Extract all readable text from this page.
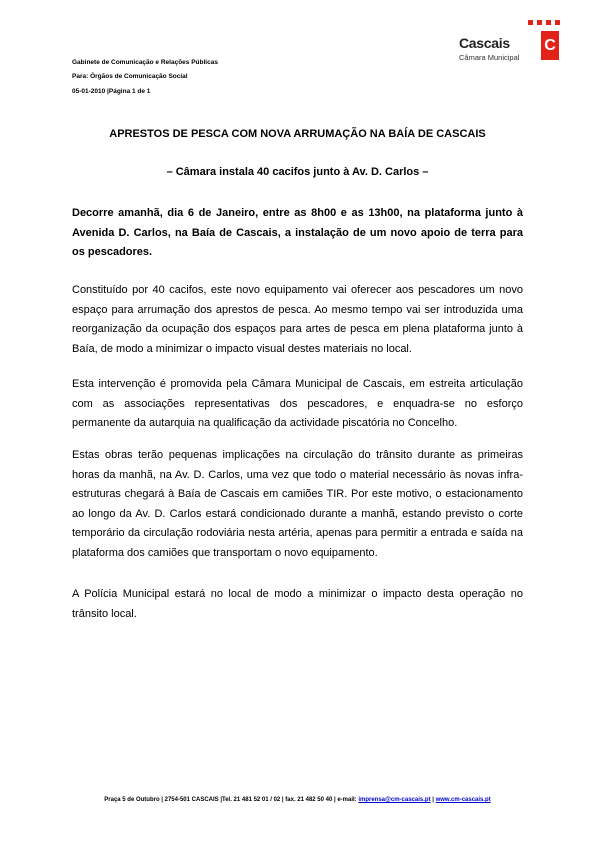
Gabinete de Comunicação e Relações Públicas
Para: Órgãos de Comunicação Social
05-01-2010 |Página 1 de 1
Cascais
Câmara Municipal
C
APRESTOS DE PESCA COM NOVA ARRUMAÇÃO NA BAÍA DE CASCAIS
– Câmara instala 40 cacifos junto à Av. D. Carlos –
Decorre amanhã, dia 6 de Janeiro, entre as 8h00 e as 13h00, na plataforma junto à Avenida D. Carlos, na Baía de Cascais, a instalação de um novo apoio de terra para os pescadores.
Constituído por 40 cacifos, este novo equipamento vai oferecer aos pescadores um novo espaço para arrumação dos aprestos de pesca. Ao mesmo tempo vai ser introduzida uma reorganização da ocupação dos espaços para artes de pesca em plena plataforma junto à Baía, de modo a minimizar o impacto visual destes materiais no local.
Esta intervenção é promovida pela Câmara Municipal de Cascais, em estreita articulação com as associações representativas dos pescadores, e enquadra-se no esforço permanente da autarquia na qualificação da actividade piscatória no Concelho.
Estas obras terão pequenas implicações na circulação do trânsito durante as primeiras horas da manhã, na Av. D. Carlos, uma vez que todo o material necessário às novas infra-estruturas chegará à Baía de Cascais em camiões TIR. Por este motivo, o estacionamento ao longo da Av. D. Carlos estará condicionado durante a manhã, estando previsto o corte temporário da circulação rodoviária nesta artéria, apenas para permitir a entrada e saída na plataforma dos camiões que transportam o novo equipamento.
A Polícia Municipal estará no local de modo a minimizar o impacto desta operação no trânsito local.
Praça 5 de Outubro | 2754-501 CASCAIS |Tel. 21 481 52 01 / 02 | fax. 21 482 50 40 | e-mail: imprensa@cm-cascais.pt | www.cm-cascais.pt
